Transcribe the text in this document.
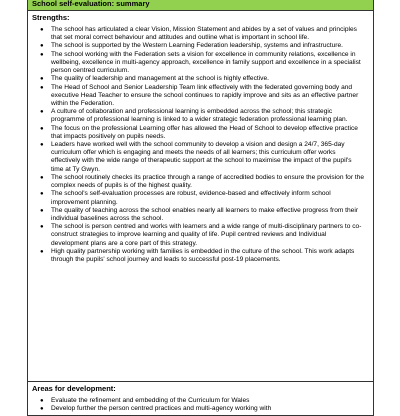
School self-evaluation: summary
Strengths:
● The school has articulated a clear Vision, Mission Statement and abides by a set of values and principles that set moral correct behaviour and attitudes and outline what is important in school life.
● The school is supported by the Western Learning Federation leadership, systems and infrastructure.
● The school working with the Federation sets a vision for excellence in community relations, excellence in wellbeing, excellence in multi-agency approach, excellence in family support and excellence in a specialist person centred curriculum.
● The quality of leadership and management at the school is highly effective.
● The Head of School and Senior Leadership Team link effectively with the federated governing body and executive Head Teacher to ensure the school continues to rapidly improve and sits as an effective partner within the Federation.
● A culture of collaboration and professional learning is embedded across the school; this strategic programme of professional learning is linked to a wider strategic federation professional learning plan.
● The focus on the professional Learning offer has allowed the Head of School to develop effective practice that impacts positively on pupils needs.
● Leaders have worked well with the school community to develop a vision and design a 24/7, 365-day curriculum offer which is engaging and meets the needs of all learners; this curriculum offer works effectively with the wide range of therapeutic support at the school to maximise the impact of the pupil's time at Ty Gwyn.
● The school routinely checks its practice through a range of accredited bodies to ensure the provision for the complex needs of pupils is of the highest quality.
● The school's self-evaluation processes are robust, evidence-based and effectively inform school improvement planning.
● The quality of teaching across the school enables nearly all learners to make effective progress from their individual baselines across the school.
● The school is person centred and works with learners and a wide range of multi-disciplinary partners to co-construct strategies to improve learning and quality of life. Pupil centred reviews and Individual development plans are a core part of this strategy.
● High quality partnership working with families is embedded in the culture of the school. This work adapts through the pupils' school journey and leads to successful post-19 placements.
Areas for development:
● Evaluate the refinement and embedding of the Curriculum for Wales
● Develop further the person centred practices and multi-agency working with
